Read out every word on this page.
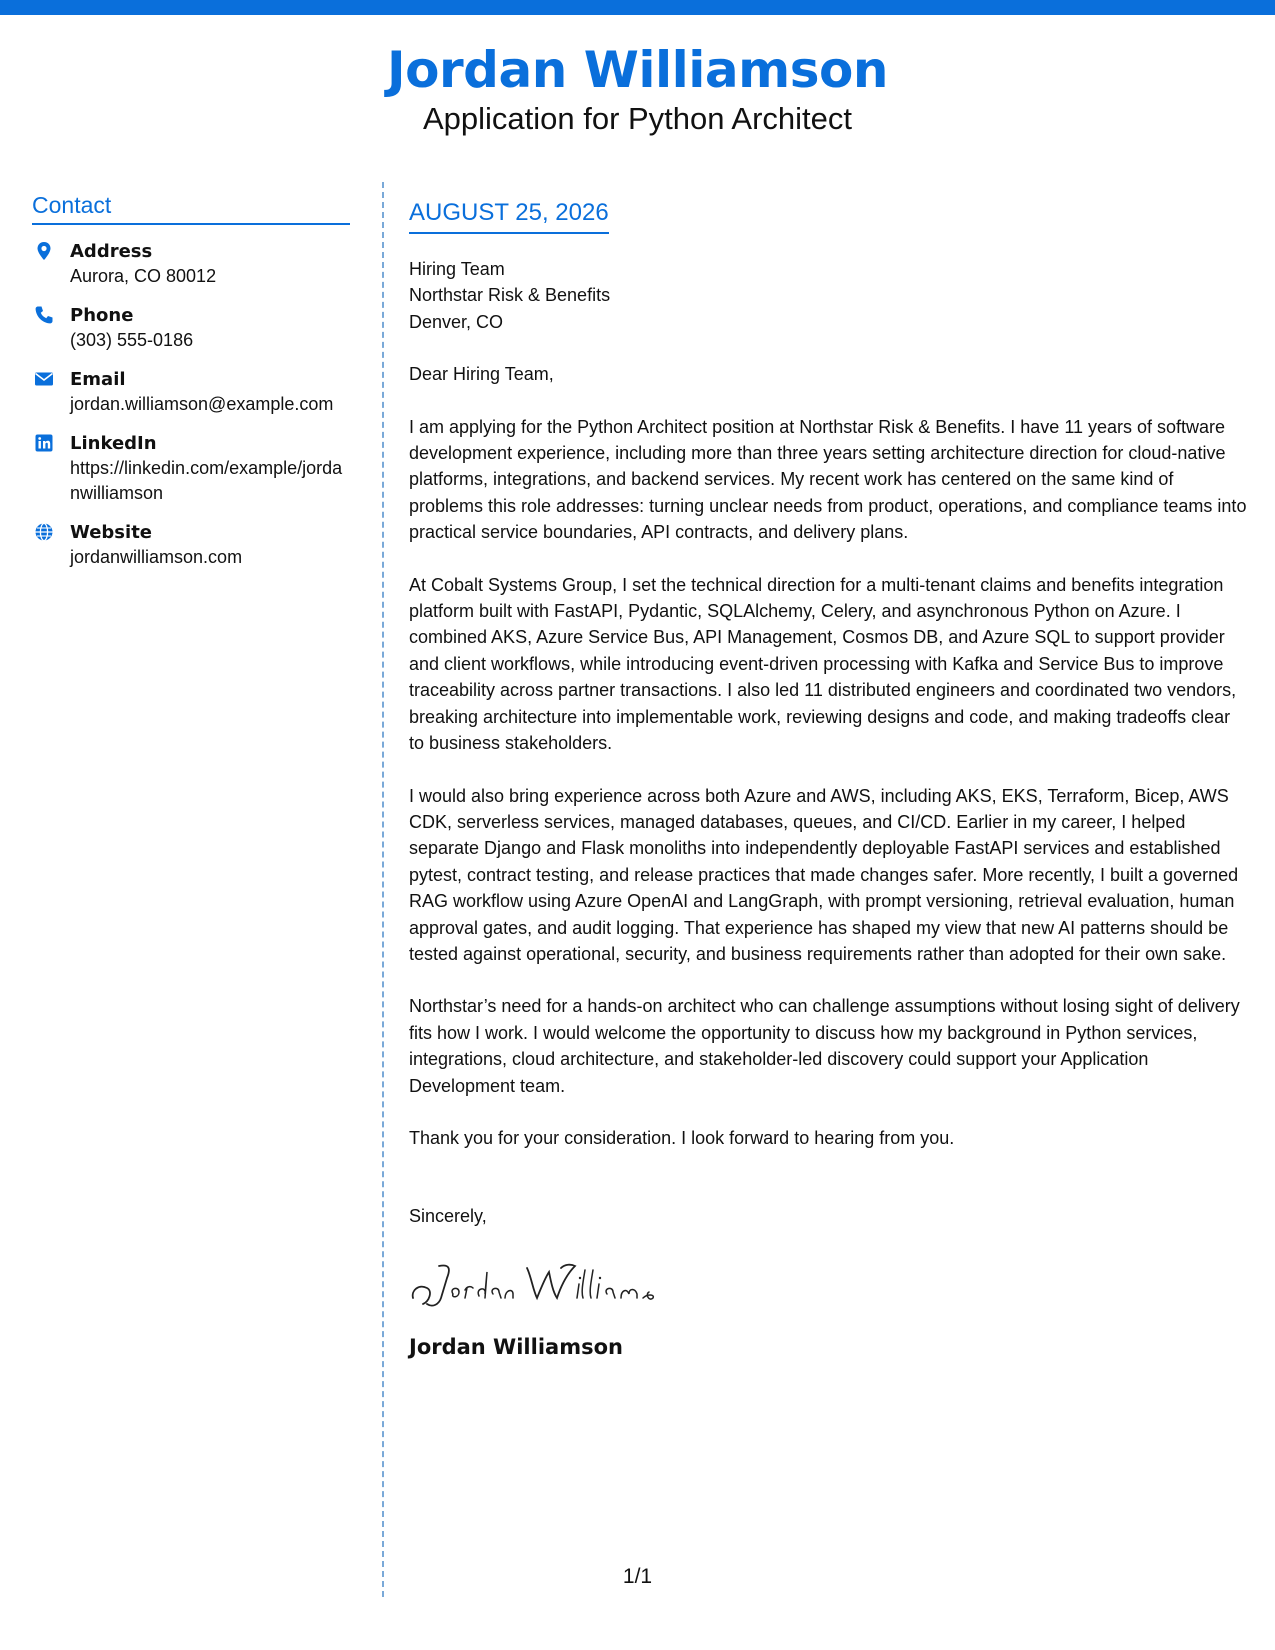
Jordan Williamson
Application for Python Architect
Contact
Address
Aurora, CO 80012
Phone
(303) 555-0186
Email
jordan.williamson@example.com
LinkedIn
https://linkedin.com/example/jordanwilliamson
Website
jordanwilliamson.com
AUGUST 25, 2026
Hiring Team
Northstar Risk & Benefits
Denver, CO
Dear Hiring Team,
I am applying for the Python Architect position at Northstar Risk & Benefits. I have 11 years of software development experience, including more than three years setting architecture direction for cloud-native platforms, integrations, and backend services. My recent work has centered on the same kind of problems this role addresses: turning unclear needs from product, operations, and compliance teams into practical service boundaries, API contracts, and delivery plans.
At Cobalt Systems Group, I set the technical direction for a multi-tenant claims and benefits integration platform built with FastAPI, Pydantic, SQLAlchemy, Celery, and asynchronous Python on Azure. I combined AKS, Azure Service Bus, API Management, Cosmos DB, and Azure SQL to support provider and client workflows, while introducing event-driven processing with Kafka and Service Bus to improve traceability across partner transactions. I also led 11 distributed engineers and coordinated two vendors, breaking architecture into implementable work, reviewing designs and code, and making tradeoffs clear to business stakeholders.
I would also bring experience across both Azure and AWS, including AKS, EKS, Terraform, Bicep, AWS CDK, serverless services, managed databases, queues, and CI/CD. Earlier in my career, I helped separate Django and Flask monoliths into independently deployable FastAPI services and established pytest, contract testing, and release practices that made changes safer. More recently, I built a governed RAG workflow using Azure OpenAI and LangGraph, with prompt versioning, retrieval evaluation, human approval gates, and audit logging. That experience has shaped my view that new AI patterns should be tested against operational, security, and business requirements rather than adopted for their own sake.
Northstar’s need for a hands-on architect who can challenge assumptions without losing sight of delivery fits how I work. I would welcome the opportunity to discuss how my background in Python services, integrations, cloud architecture, and stakeholder-led discovery could support your Application Development team.
Thank you for your consideration. I look forward to hearing from you.
Sincerely,
Jordan Williamson
1/1
